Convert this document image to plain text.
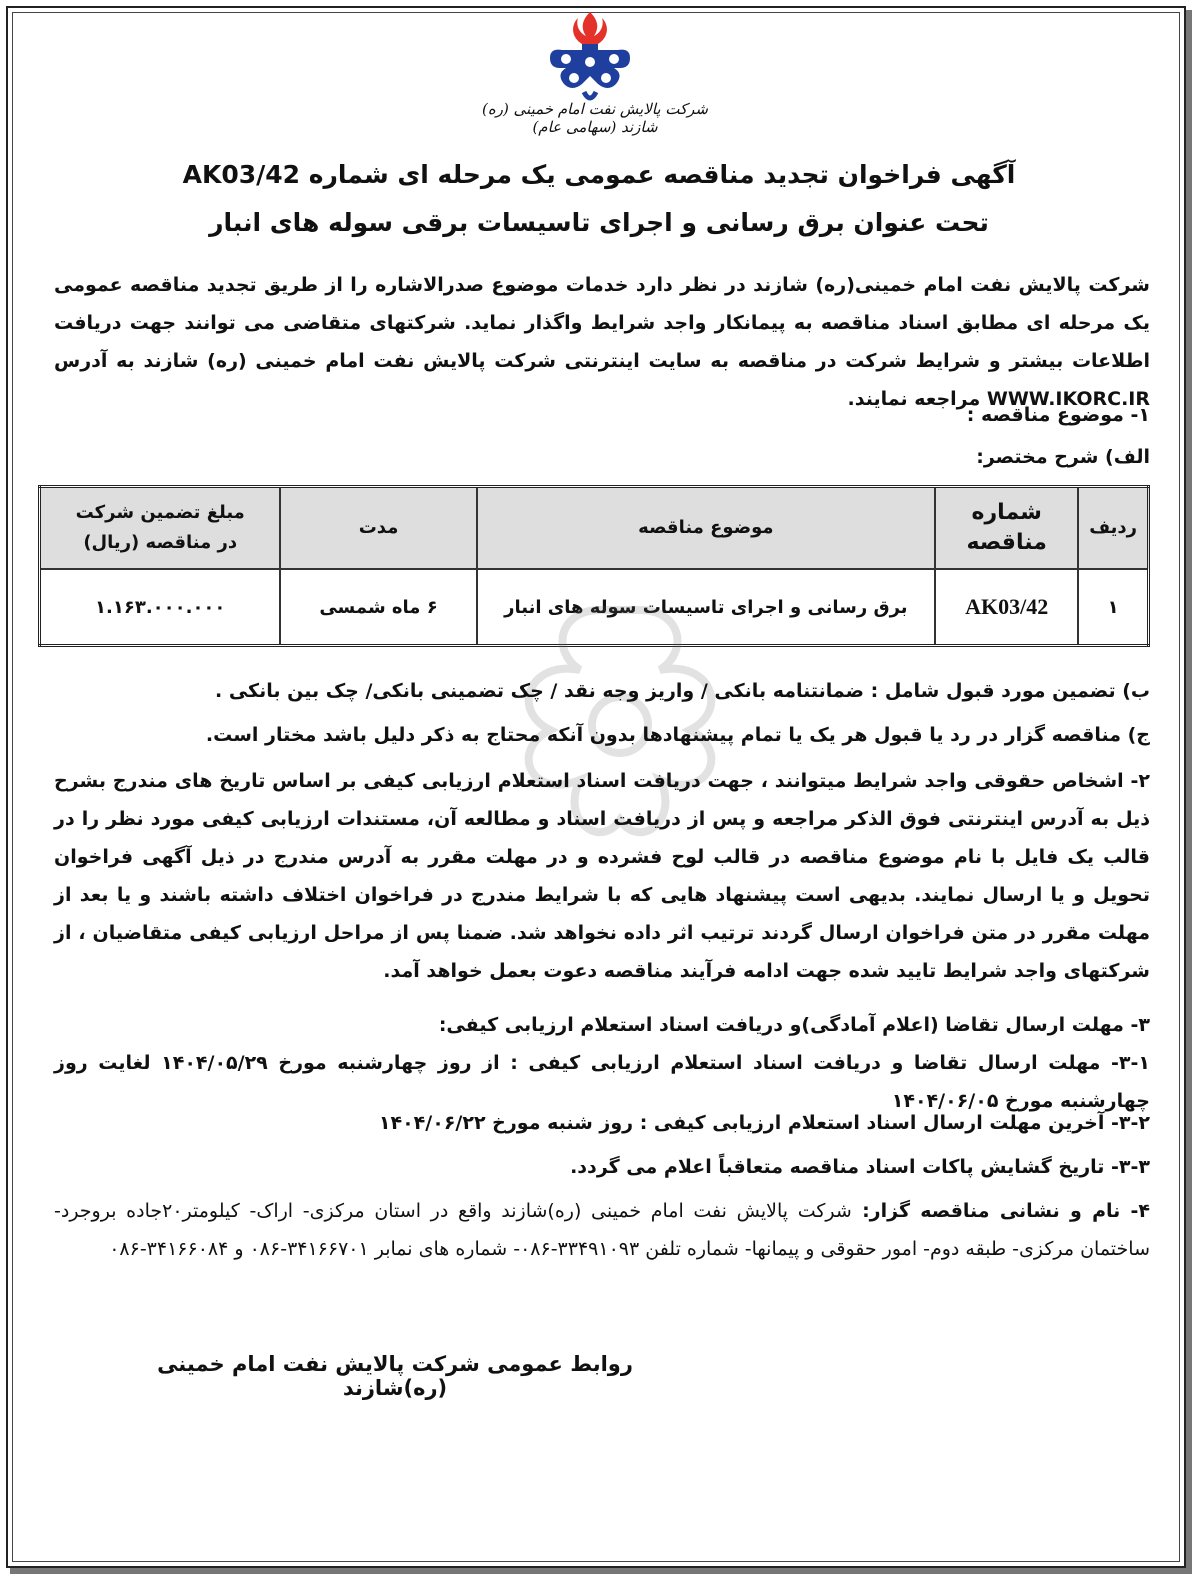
شرکت پالایش نفت امام خمینی (ره) شازند (سهامی عام)
آگهی فراخوان تجدید مناقصه عمومی یک مرحله ای شماره AK03/42
تحت عنوان برق رسانی و اجرای تاسیسات برقی سوله های انبار
شرکت پالایش نفت امام خمینی(ره) شازند در نظر دارد خدمات موضوع صدرالاشاره را از طریق تجدید مناقصه عمومی یک مرحله ای مطابق اسناد مناقصه به پیمانکار واجد شرایط واگذار نماید. شرکتهای متقاضی می توانند جهت دریافت اطلاعات بیشتر و شرایط شرکت در مناقصه به سایت اینترنتی شرکت پالایش نفت امام خمینی (ره) شازند به آدرس WWW.IKORC.IR مراجعه نمایند.
۱- موضوع مناقصه :
الف) شرح مختصر:
ردیف	شماره مناقصه	موضوع مناقصه	مدت	مبلغ تضمین شرکت
در مناقصه (ریال)

۱	AK03/42	برق رسانی و اجرای تاسیسات سوله های انبار	۶ ماه شمسی	۱.۱۶۳.۰۰۰.۰۰۰
ب) تضمین مورد قبول شامل : ضمانتنامه بانکی / واریز وجه نقد / چک تضمینی بانکی/ چک بین بانکی .
ج) مناقصه گزار در رد یا قبول هر یک یا تمام پیشنهادها بدون آنکه محتاج به ذکر دلیل باشد مختار است.
۲- اشخاص حقوقی واجد شرایط میتوانند ، جهت دریافت اسناد استعلام ارزیابی کیفی بر اساس تاریخ های مندرج بشرح ذیل به آدرس اینترنتی فوق الذکر مراجعه و پس از دریافت اسناد و مطالعه آن، مستندات ارزیابی کیفی مورد نظر را در قالب یک فایل با نام موضوع مناقصه در قالب لوح فشرده و در مهلت مقرر به آدرس مندرج در ذیل آگهی فراخوان تحویل و یا ارسال نمایند. بدیهی است پیشنهاد هایی که با شرایط مندرج در فراخوان اختلاف داشته باشند و یا بعد از مهلت مقرر در متن فراخوان ارسال گردند ترتیب اثر داده نخواهد شد. ضمنا پس از مراحل ارزیابی کیفی متقاضیان ، از شرکتهای واجد شرایط تایید شده جهت ادامه فرآیند مناقصه دعوت بعمل خواهد آمد.
۳- مهلت ارسال تقاضا (اعلام آمادگی)و دریافت اسناد استعلام ارزیابی کیفی:
۳-۱- مهلت ارسال تقاضا و دریافت اسناد استعلام ارزیابی کیفی : از روز چهارشنبه مورخ ۱۴۰۴/۰۵/۲۹ لغایت روز چهارشنبه مورخ ۱۴۰۴/۰۶/۰۵
۳-۲- آخرین مهلت ارسال اسناد استعلام ارزیابی کیفی : روز شنبه مورخ ۱۴۰۴/۰۶/۲۲
۳-۳- تاریخ گشایش پاکات اسناد مناقصه متعاقباً اعلام می گردد.
۴- نام و نشانی مناقصه گزار: شرکت پالایش نفت امام خمینی (ره)شازند واقع در استان مرکزی- اراک- کیلومتر۲۰جاده بروجرد- ساختمان مرکزی- طبقه دوم- امور حقوقی و پیمانها- شماره تلفن ۳۳۴۹۱۰۹۳-۰۸۶- شماره های نمابر ۳۴۱۶۶۷۰۱-۰۸۶ و ۳۴۱۶۶۰۸۴-۰۸۶
روابط عمومی شرکت پالایش نفت امام خمینی (ره)شازند
